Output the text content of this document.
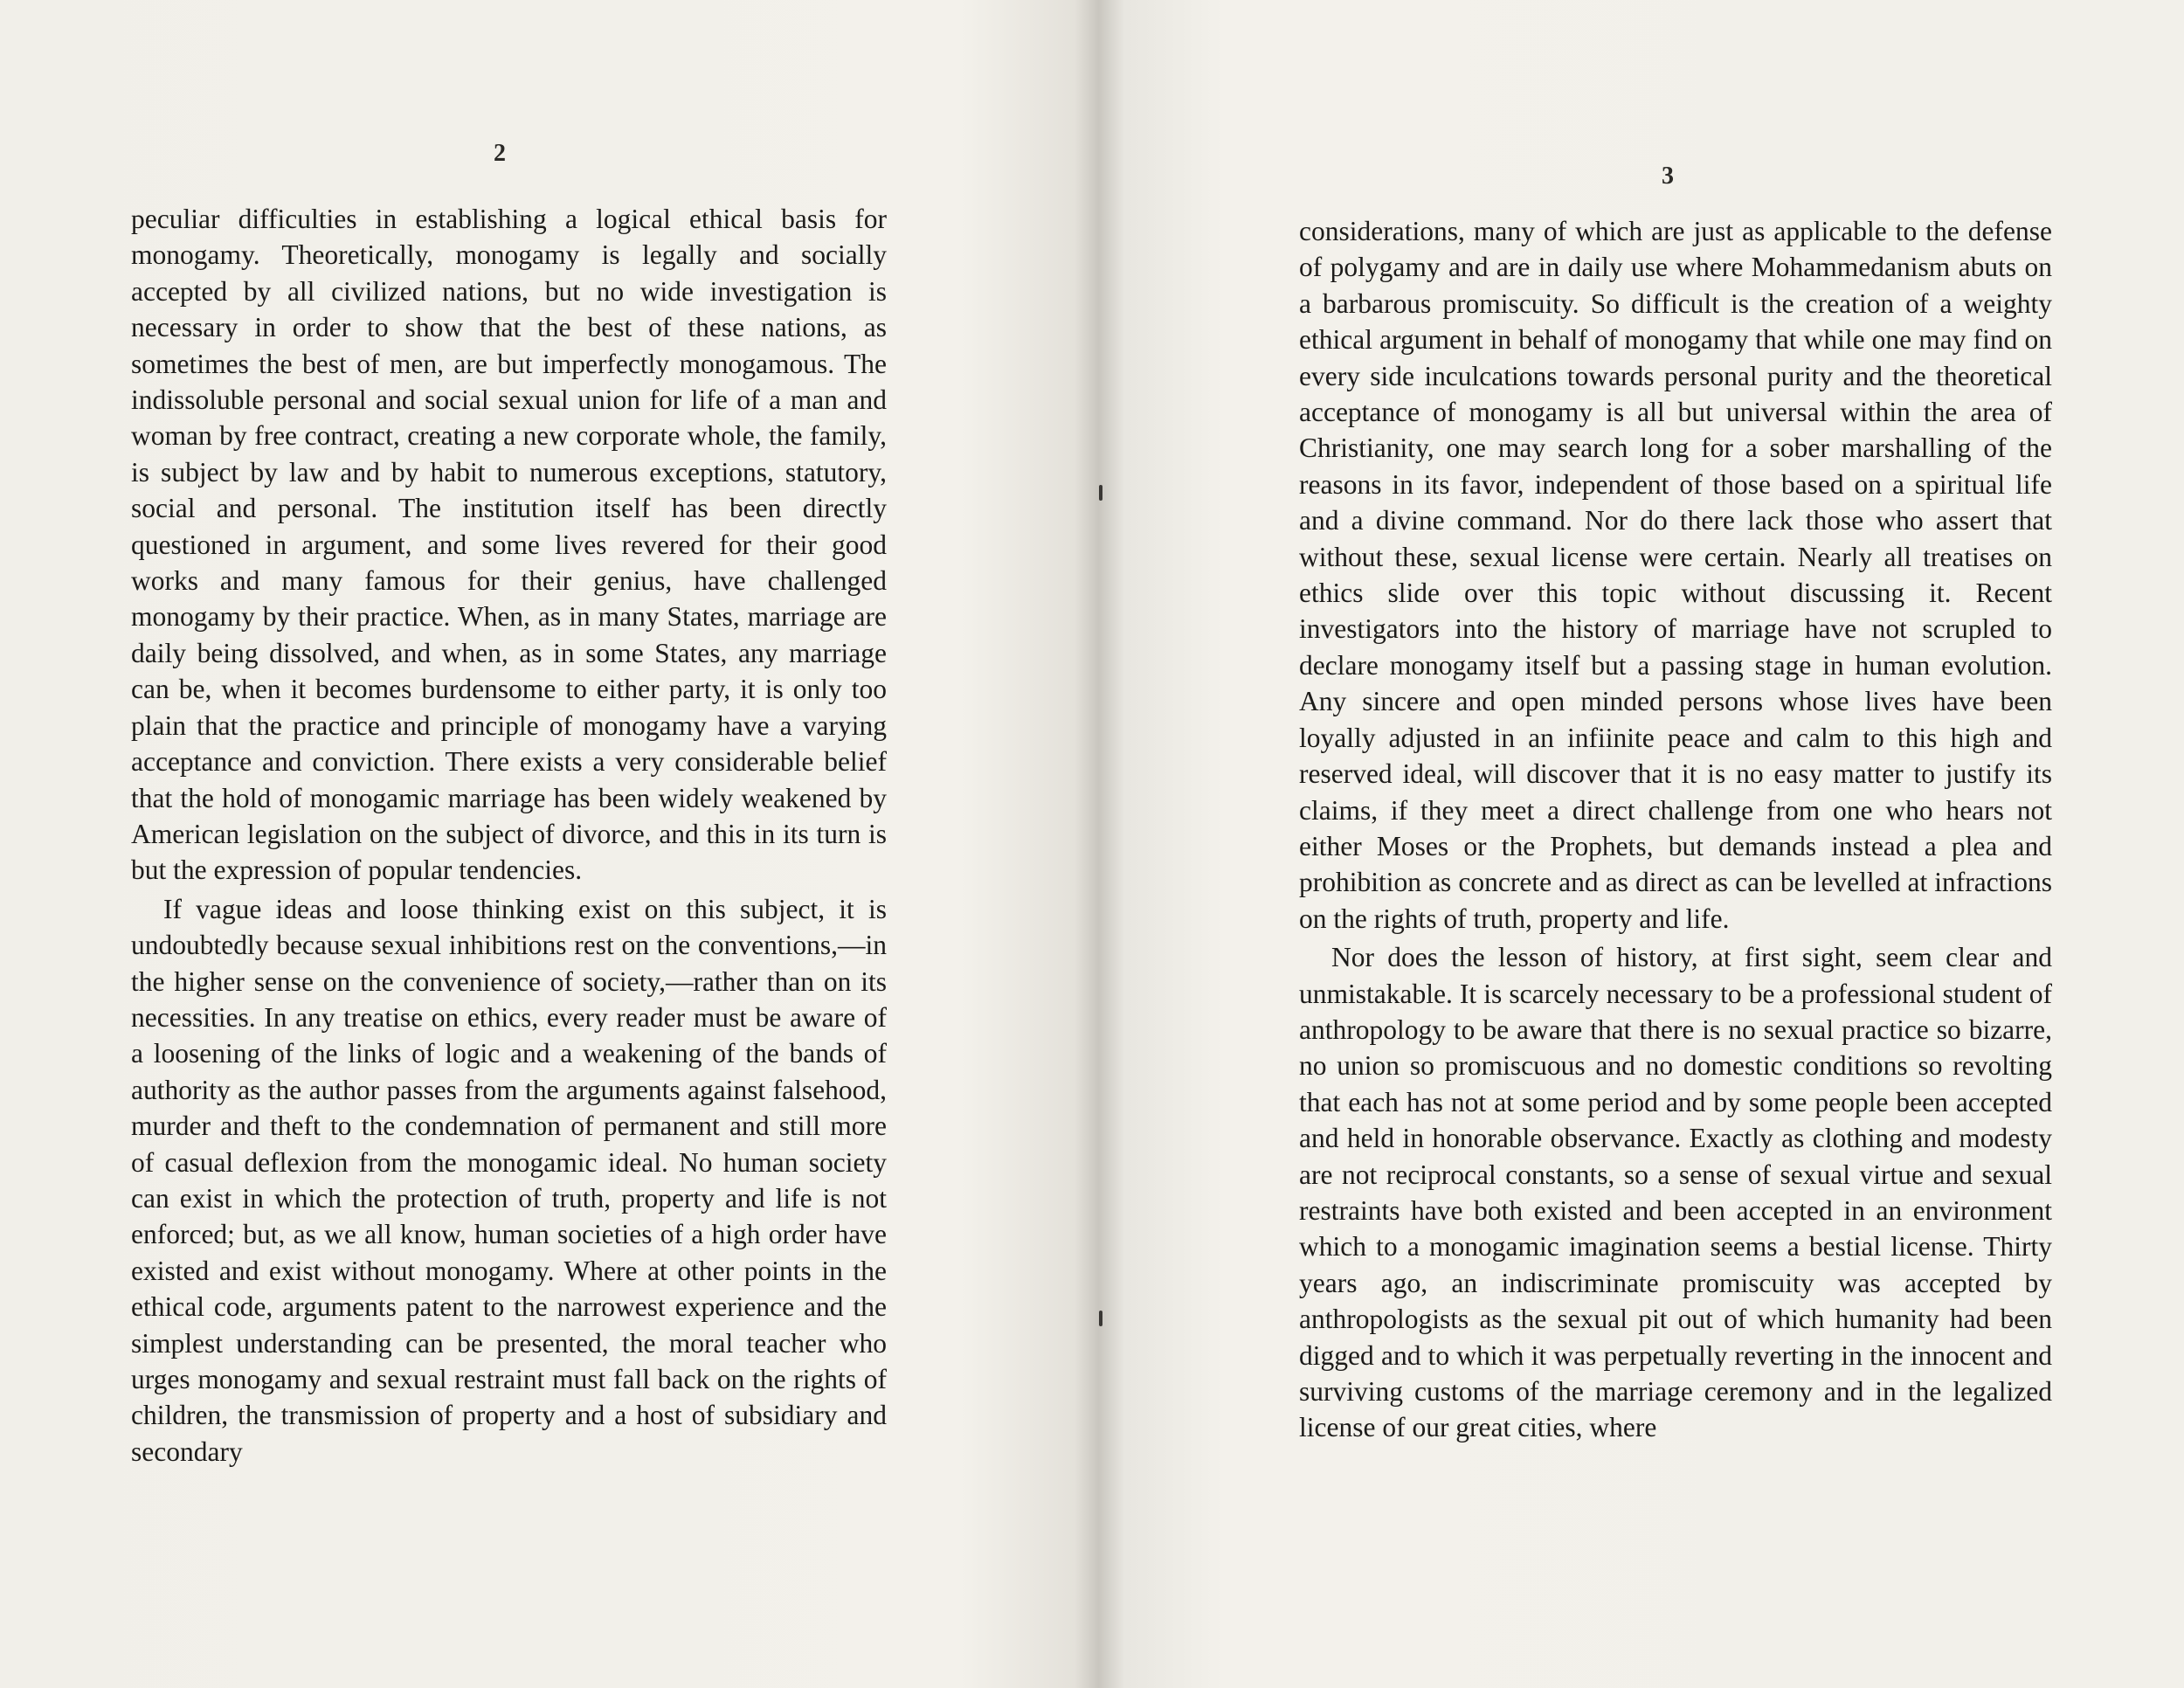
2

peculiar difficulties in establishing a logical ethical basis for monogamy. Theoretically, monogamy is legally and socially accepted by all civilized nations, but no wide investigation is necessary in order to show that the best of these nations, as sometimes the best of men, are but imperfectly monogamous. The indissoluble personal and social sexual union for life of a man and woman by free contract, creating a new corporate whole, the family, is subject by law and by habit to numerous exceptions, statutory, social and personal. The institution itself has been directly questioned in argument, and some lives revered for their good works and many famous for their genius, have challenged monogamy by their practice. When, as in many States, marriage are daily being dissolved, and when, as in some States, any marriage can be, when it becomes burdensome to either party, it is only too plain that the practice and principle of monogamy have a varying acceptance and conviction. There exists a very considerable belief that the hold of monogamic marriage has been widely weakened by American legislation on the subject of divorce, and this in its turn is but the expression of popular tendencies.

If vague ideas and loose thinking exist on this subject, it is undoubtedly because sexual inhibitions rest on the conventions,—in the higher sense on the convenience of society,—rather than on its necessities. In any treatise on ethics, every reader must be aware of a loosening of the links of logic and a weakening of the bands of authority as the author passes from the arguments against falsehood, murder and theft to the condemnation of permanent and still more of casual deflexion from the monogamic ideal. No human society can exist in which the protection of truth, property and life is not enforced; but, as we all know, human societies of a high order have existed and exist without monogamy. Where at other points in the ethical code, arguments patent to the narrowest experience and the simplest understanding can be presented, the moral teacher who urges monogamy and sexual restraint must fall back on the rights of children, the transmission of property and a host of subsidiary and secondary

3

considerations, many of which are just as applicable to the defense of polygamy and are in daily use where Mohammedanism abuts on a barbarous promiscuity. So difficult is the creation of a weighty ethical argument in behalf of monogamy that while one may find on every side inculcations towards personal purity and the theoretical acceptance of monogamy is all but universal within the area of Christianity, one may search long for a sober marshalling of the reasons in its favor, independent of those based on a spiritual life and a divine command. Nor do there lack those who assert that without these, sexual license were certain. Nearly all treatises on ethics slide over this topic without discussing it. Recent investigators into the history of marriage have not scrupled to declare monogamy itself but a passing stage in human evolution. Any sincere and open minded persons whose lives have been loyally adjusted in an infiinite peace and calm to this high and reserved ideal, will discover that it is no easy matter to justify its claims, if they meet a direct challenge from one who hears not either Moses or the Prophets, but demands instead a plea and prohibition as concrete and as direct as can be levelled at infractions on the rights of truth, property and life.

Nor does the lesson of history, at first sight, seem clear and unmistakable. It is scarcely necessary to be a professional student of anthropology to be aware that there is no sexual practice so bizarre, no union so promiscuous and no domestic conditions so revolting that each has not at some period and by some people been accepted and held in honorable observance. Exactly as clothing and modesty are not reciprocal constants, so a sense of sexual virtue and sexual restraints have both existed and been accepted in an environment which to a monogamic imagination seems a bestial license. Thirty years ago, an indiscriminate promiscuity was accepted by anthropologists as the sexual pit out of which humanity had been digged and to which it was perpetually reverting in the innocent and surviving customs of the marriage ceremony and in the legalized license of our great cities, where
